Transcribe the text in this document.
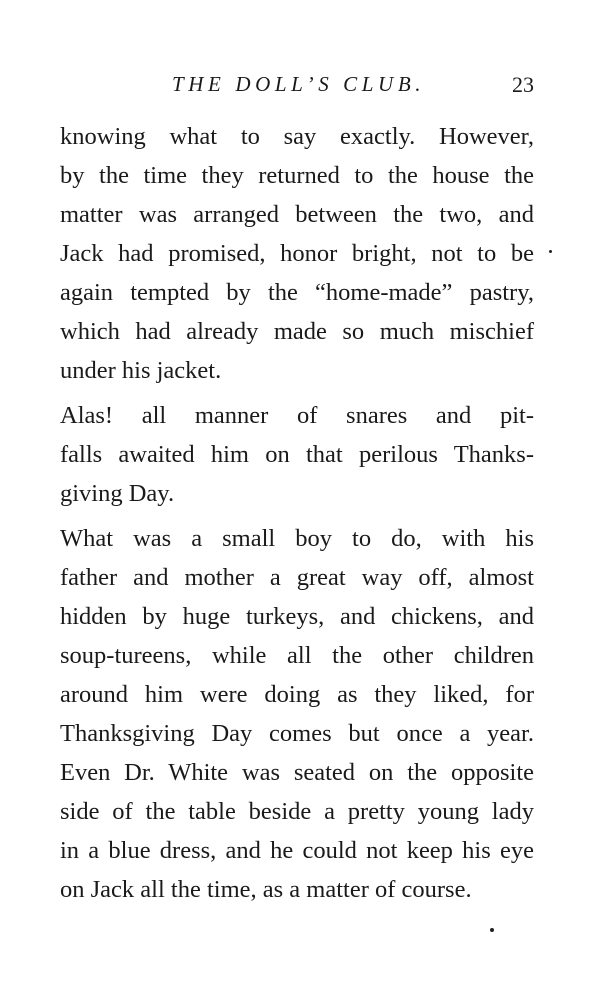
THE DOLL’S CLUB.	23

knowing what to say exactly. However,
by the time they returned to the house the
matter was arranged between the two, and
Jack had promised, honor bright, not to be
again tempted by the “home-made” pastry,
which had already made so much mischief
under his jacket.

Alas! all manner of snares and pit-
falls awaited him on that perilous Thanks-
giving Day.

What was a small boy to do, with his
father and mother a great way off, almost
hidden by huge turkeys, and chickens, and
soup-tureens, while all the other children
around him were doing as they liked, for
Thanksgiving Day comes but once a year.
Even Dr. White was seated on the opposite
side of the table beside a pretty young lady
in a blue dress, and he could not keep his eye
on Jack all the time, as a matter of course.
